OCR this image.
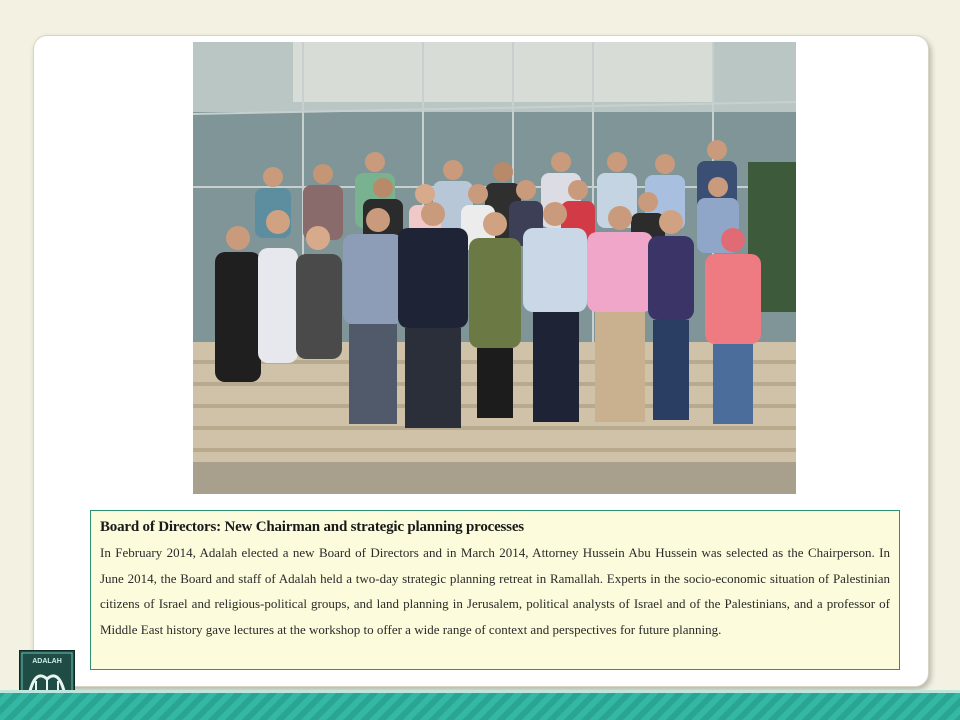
Board of Directors: New Chairman and strategic planning processes

In February 2014, Adalah elected a new Board of Directors and in March 2014, Attorney Hussein Abu Hussein was selected as the Chairperson. In June 2014, the Board and staff of Adalah held a two-day strategic planning retreat in Ramallah. Experts in the socio-economic situation of Palestinian citizens of Israel and religious-political groups, and land planning in Jerusalem, political analysts of Israel and of the Palestinians, and a professor of Middle East history gave lectures at the workshop to offer a wide range of context and perspectives for future planning.

ADALAH
